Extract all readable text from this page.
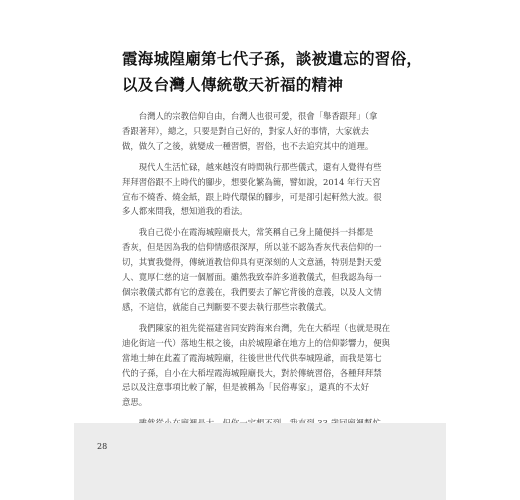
霞海城隍廟第七代子孫，談被遺忘的習俗，
以及台灣人傳統敬天祈福的精神
　　台灣人的宗教信仰自由，台灣人也很可愛，很會「舉香跟拜」（拿
香跟著拜），總之，只要是對自己好的，對家人好的事情，大家就去
做，做久了之後，就變成一種習慣，習俗，也不去追究其中的道理。
　　現代人生活忙碌，越來越沒有時間執行那些儀式，還有人覺得有些
拜拜習俗跟不上時代的腳步，想要化繁為簡，譬如說，2014 年行天宮
宣布不燒香、燒金紙，跟上時代環保的腳步，可是卻引起軒然大波。很
多人都來問我，想知道我的看法。
　　我自己從小在霞海城隍廟長大，常笑稱自己身上隨便抖一抖都是
香灰，但是因為我的信仰情感很深厚，所以並不認為香灰代表信仰的一
切，其實我覺得，傳統道教信仰具有更深刻的人文意涵，特別是對天愛
人、寬厚仁慈的這一個層面。雖然我致奉許多道教儀式，但我認為每一
個宗教儀式都有它的意義在，我們要去了解它背後的意義，以及人文情
感，不這信，就能自己判斷要不要去執行那些宗教儀式。
　　我們陳家的祖先從福建省同安跨海來台灣，先在大稻埕（也就是現在
迪化街這一代）落地生根之後，由於城隍爺在地方上的信仰影響力，便與
當地士紳在此蓋了霞海城隍廟，往後世世代代供奉城隍爺，而我是第七
代的子孫，自小在大稻埕霞海城隍廟長大，對於傳統習俗，各種拜拜禁
忌以及注意事項比較了解，但是被稱為「民俗專家」，還真的不太好
意思。
28
